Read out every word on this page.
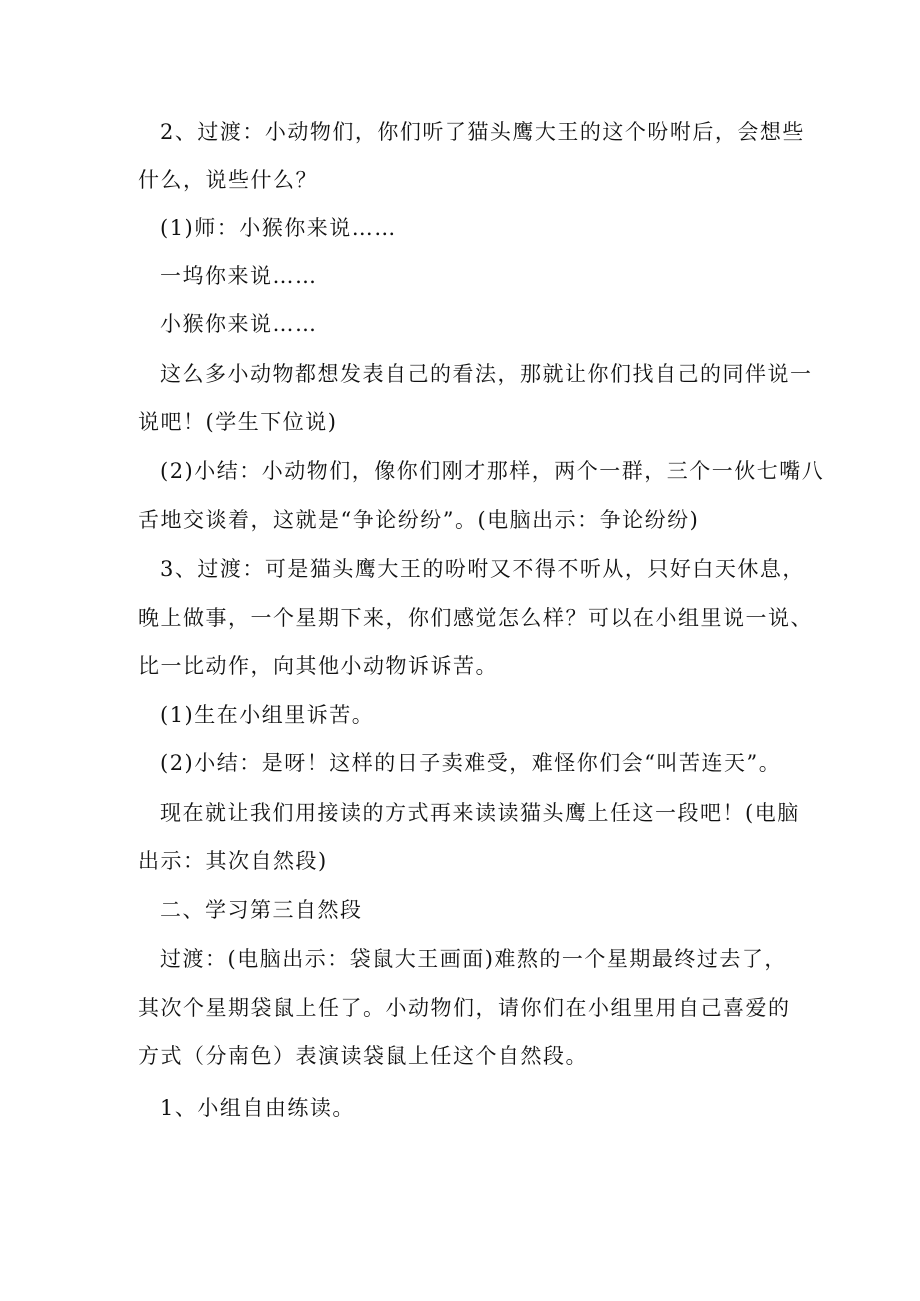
2、过渡：小动物们，你们听了猫头鹰大王的这个吩咐后，会想些
什么，说些什么？
(1)师：小猴你来说……
一坞你来说……
小猴你来说……
这么多小动物都想发表自己的看法，那就让你们找自己的同伴说一
说吧！(学生下位说)
(2)小结：小动物们，像你们刚才那样，两个一群，三个一伙七嘴八
舌地交谈着，这就是“争论纷纷”。(电脑出示：争论纷纷)
3、过渡：可是猫头鹰大王的吩咐又不得不听从，只好白天休息，
晚上做事，一个星期下来，你们感觉怎么样？可以在小组里说一说、
比一比动作，向其他小动物诉诉苦。
(1)生在小组里诉苦。
(2)小结：是呀！这样的日子卖难受，难怪你们会“叫苦连天”。
现在就让我们用接读的方式再来读读猫头鹰上任这一段吧！(电脑
出示：其次自然段)
二、学习第三自然段
过渡：(电脑出示：袋鼠大王画面)难熬的一个星期最终过去了，
其次个星期袋鼠上任了。小动物们，请你们在小组里用自己喜爱的
方式（分南色）表演读袋鼠上任这个自然段。
1、小组自由练读。
